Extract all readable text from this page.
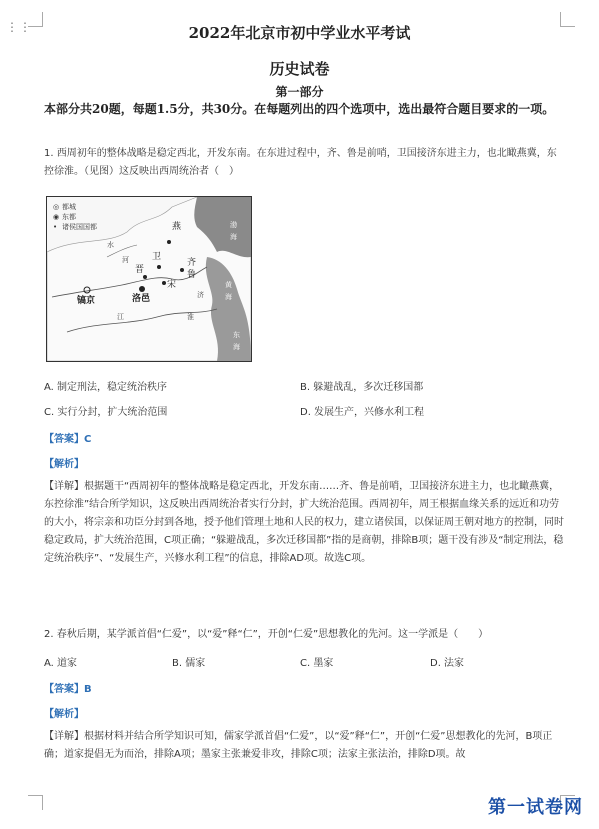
⋮⋮	2022年北京市初中学业水平考试
历史试卷
第一部分
本部分共20题，每题1.5分，共30分。在每题列出的四个选项中，选出最符合题目要求的一项。
1. 西周初年的整体战略是稳定西北，开发东南。在东进过程中，齐、鲁是前哨，卫国接济东进主力，也北瞰燕冀，东控徐淮。（见图）这反映出西周统治者（　）
◎ 都城
◉ 东都
• 诸侯国国都	燕
卫
晋
齐
鲁
宋
镐京	洛邑
河
济
淮
江
渤
海
黄
海
东
海
水
A. 制定刑法，稳定统治秩序	B. 躲避战乱，多次迁移国都
C. 实行分封，扩大统治范围	D. 发展生产，兴修水利工程
【答案】C
【解析】
【详解】根据题干“西周初年的整体战略是稳定西北，开发东南……齐、鲁是前哨，卫国接济东进主力，也北瞰燕冀，东控徐淮”结合所学知识，这反映出西周统治者实行分封，扩大统治范围。西周初年，周王根据血缘关系的远近和功劳的大小，将宗亲和功臣分封到各地，授予他们管理土地和人民的权力，建立诸侯国，以保证周王朝对地方的控制，同时稳定政局，扩大统治范围，C项正确；“躲避战乱，多次迁移国都”指的是商朝，排除B项；题干没有涉及“制定刑法，稳定统治秩序”、“发展生产，兴修水利工程”的信息，排除AD项。故选C项。
2. 春秋后期，某学派首倡“仁爱”，以“爱”释“仁”，开创“仁爱”思想教化的先河。这一学派是（　　）
A. 道家	B. 儒家	C. 墨家	D. 法家
【答案】B
【解析】
【详解】根据材料并结合所学知识可知，儒家学派首倡“仁爱”，以“爱”释“仁”，开创“仁爱”思想教化的先河，B项正确；道家提倡无为而治，排除A项；墨家主张兼爱非攻，排除C项；法家主张法治，排除D项。故
第一试卷网
